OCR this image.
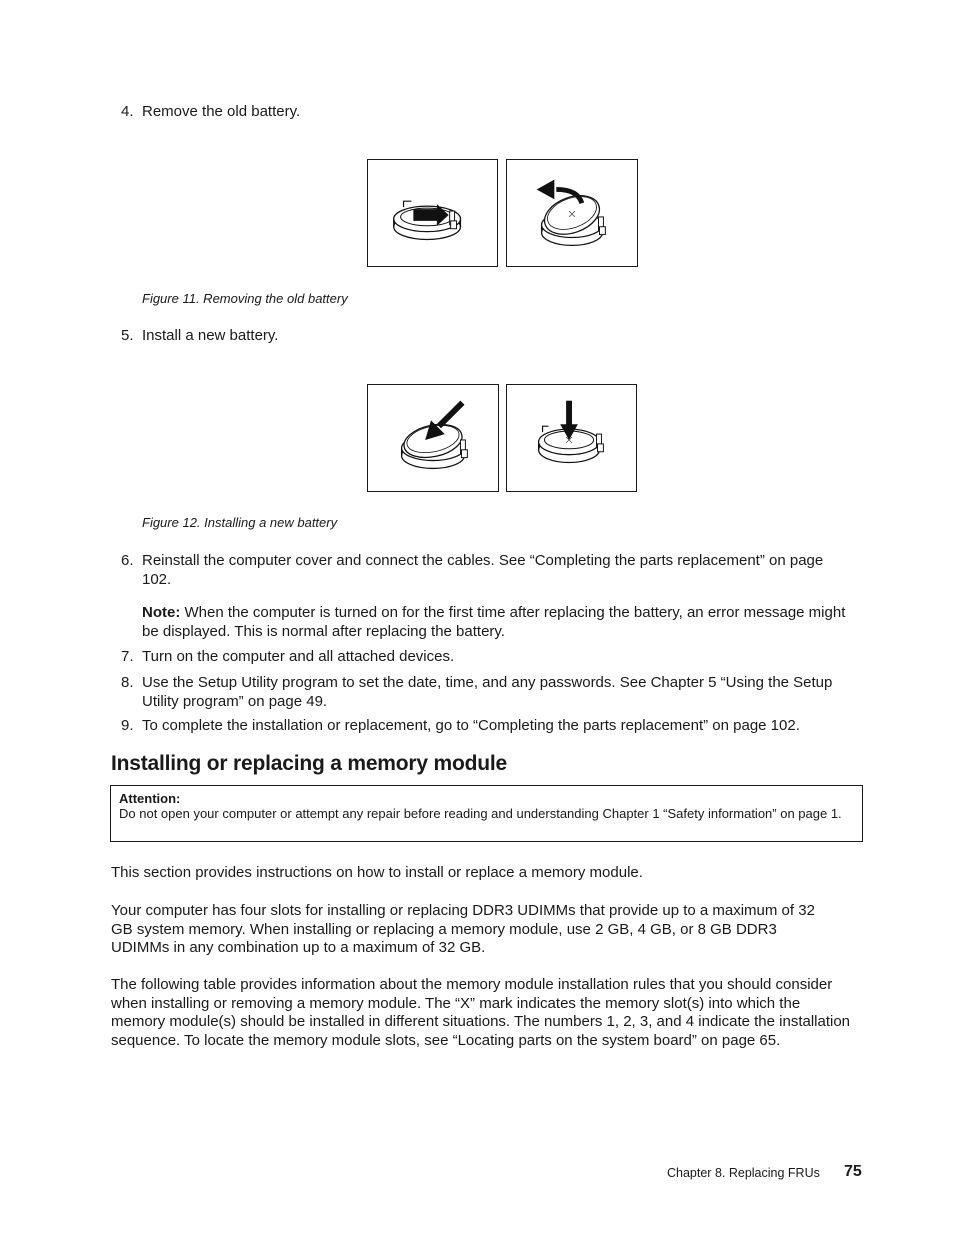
4. Remove the old battery.
Figure 11. Removing the old battery
5. Install a new battery.
Figure 12. Installing a new battery
6. Reinstall the computer cover and connect the cables. See “Completing the parts replacement” on page 102.
Note: When the computer is turned on for the first time after replacing the battery, an error message might be displayed. This is normal after replacing the battery.
7. Turn on the computer and all attached devices.
8. Use the Setup Utility program to set the date, time, and any passwords. See Chapter 5 “Using the Setup Utility program” on page 49.
9. To complete the installation or replacement, go to “Completing the parts replacement” on page 102.
Installing or replacing a memory module
Attention:
Do not open your computer or attempt any repair before reading and understanding Chapter 1 “Safety information” on page 1.
This section provides instructions on how to install or replace a memory module.
Your computer has four slots for installing or replacing DDR3 UDIMMs that provide up to a maximum of 32 GB system memory. When installing or replacing a memory module, use 2 GB, 4 GB, or 8 GB DDR3 UDIMMs in any combination up to a maximum of 32 GB.
The following table provides information about the memory module installation rules that you should consider when installing or removing a memory module. The “X” mark indicates the memory slot(s) into which the memory module(s) should be installed in different situations. The numbers 1, 2, 3, and 4 indicate the installation sequence. To locate the memory module slots, see “Locating parts on the system board” on page 65.
Chapter 8. Replacing FRUs 75
